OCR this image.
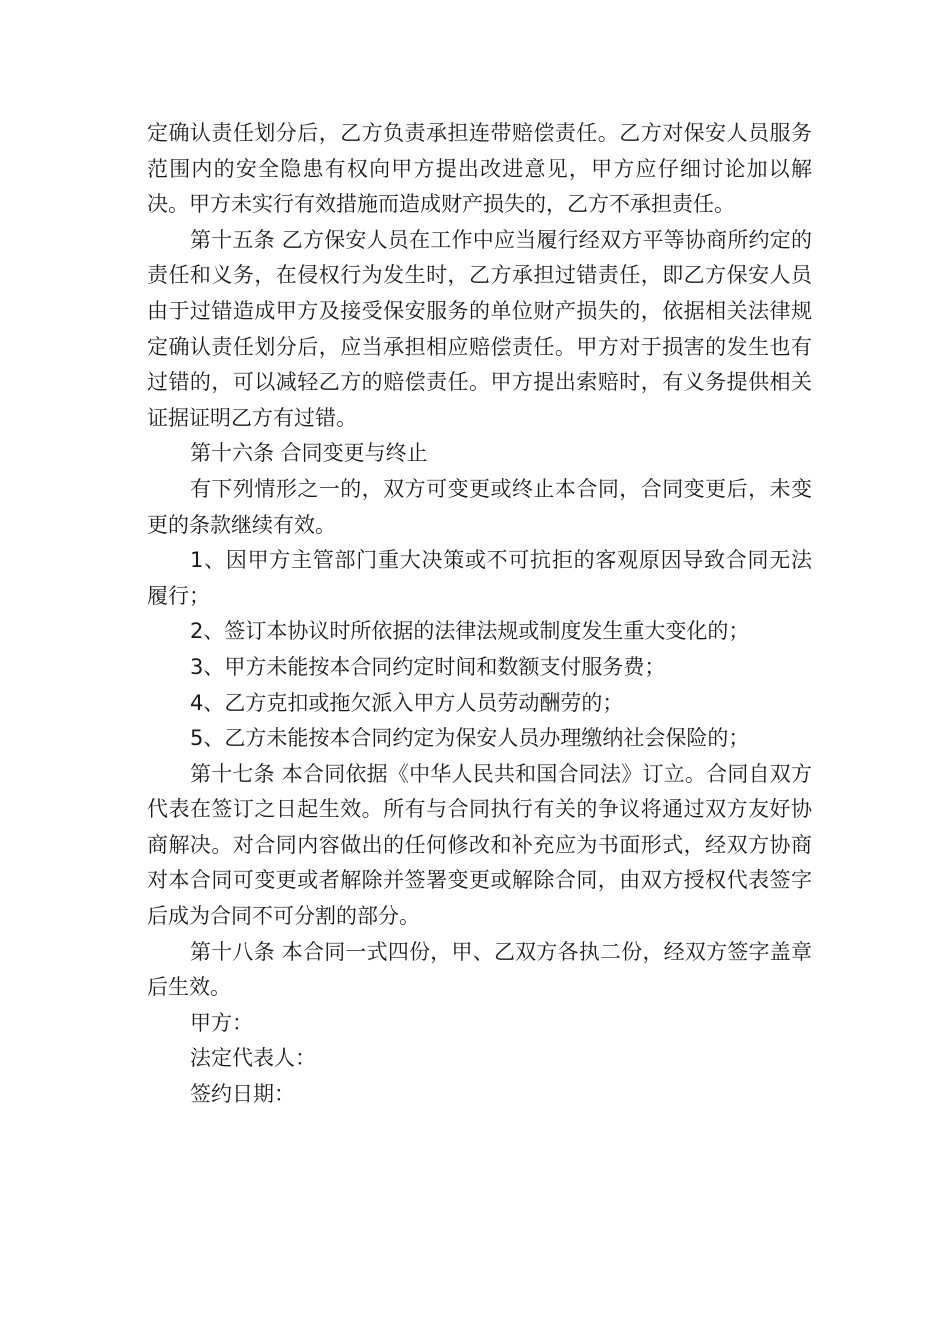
定确认责任划分后，乙方负责承担连带赔偿责任。乙方对保安人员服务范围内的安全隐患有权向甲方提出改进意见，甲方应仔细讨论加以解决。甲方未实行有效措施而造成财产损失的，乙方不承担责任。

第十五条 乙方保安人员在工作中应当履行经双方平等协商所约定的责任和义务，在侵权行为发生时，乙方承担过错责任，即乙方保安人员由于过错造成甲方及接受保安服务的单位财产损失的，依据相关法律规定确认责任划分后，应当承担相应赔偿责任。甲方对于损害的发生也有过错的，可以减轻乙方的赔偿责任。甲方提出索赔时，有义务提供相关证据证明乙方有过错。

第十六条 合同变更与终止

有下列情形之一的，双方可变更或终止本合同，合同变更后，未变更的条款继续有效。

1、因甲方主管部门重大决策或不可抗拒的客观原因导致合同无法履行；

2、签订本协议时所依据的法律法规或制度发生重大变化的；

3、甲方未能按本合同约定时间和数额支付服务费；

4、乙方克扣或拖欠派入甲方人员劳动酬劳的；

5、乙方未能按本合同约定为保安人员办理缴纳社会保险的；

第十七条 本合同依据《中华人民共和国合同法》订立。合同自双方代表在签订之日起生效。所有与合同执行有关的争议将通过双方友好协商解决。对合同内容做出的任何修改和补充应为书面形式，经双方协商对本合同可变更或者解除并签署变更或解除合同，由双方授权代表签字后成为合同不可分割的部分。

第十八条 本合同一式四份，甲、乙双方各执二份，经双方签字盖章后生效。

甲方：

法定代表人：

签约日期：
